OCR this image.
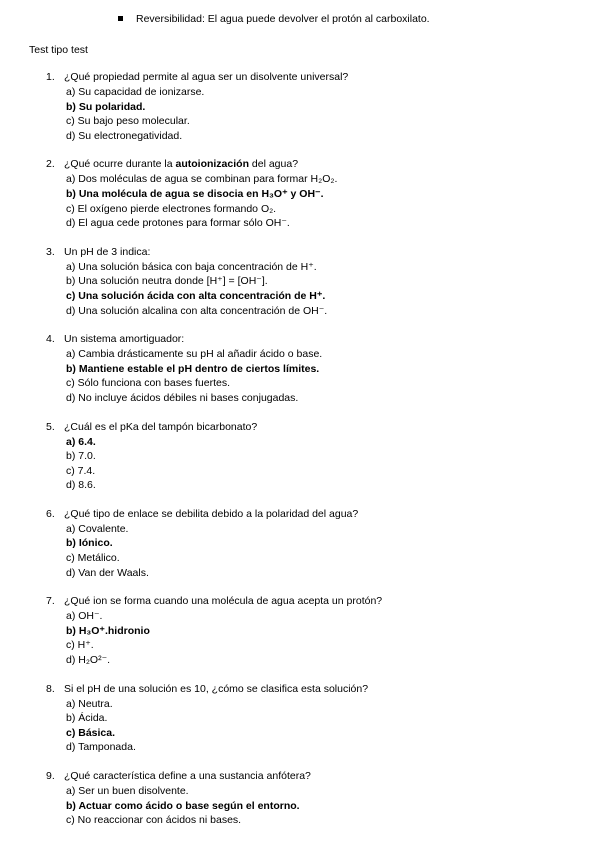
Reversibilidad: El agua puede devolver el protón al carboxilato.
Test tipo test
1. ¿Qué propiedad permite al agua ser un disolvente universal?
a) Su capacidad de ionizarse.
b) Su polaridad.
c) Su bajo peso molecular.
d) Su electronegatividad.
2. ¿Qué ocurre durante la autoionización del agua?
a) Dos moléculas de agua se combinan para formar H₂O₂.
b) Una molécula de agua se disocia en H₃O⁺ y OH⁻.
c) El oxígeno pierde electrones formando O₂.
d) El agua cede protones para formar sólo OH⁻.
3. Un pH de 3 indica:
a) Una solución básica con baja concentración de H⁺.
b) Una solución neutra donde [H⁺] = [OH⁻].
c) Una solución ácida con alta concentración de H⁺.
d) Una solución alcalina con alta concentración de OH⁻.
4. Un sistema amortiguador:
a) Cambia drásticamente su pH al añadir ácido o base.
b) Mantiene estable el pH dentro de ciertos límites.
c) Sólo funciona con bases fuertes.
d) No incluye ácidos débiles ni bases conjugadas.
5. ¿Cuál es el pKa del tampón bicarbonato?
a) 6.4.
b) 7.0.
c) 7.4.
d) 8.6.
6. ¿Qué tipo de enlace se debilita debido a la polaridad del agua?
a) Covalente.
b) Iónico.
c) Metálico.
d) Van der Waals.
7. ¿Qué ion se forma cuando una molécula de agua acepta un protón?
a) OH⁻.
b) H₃O⁺.hidronio
c) H⁺.
d) H₂O²⁻.
8. Si el pH de una solución es 10, ¿cómo se clasifica esta solución?
a) Neutra.
b) Ácida.
c) Básica.
d) Tamponada.
9. ¿Qué característica define a una sustancia anfótera?
a) Ser un buen disolvente.
b) Actuar como ácido o base según el entorno.
c) No reaccionar con ácidos ni bases.
